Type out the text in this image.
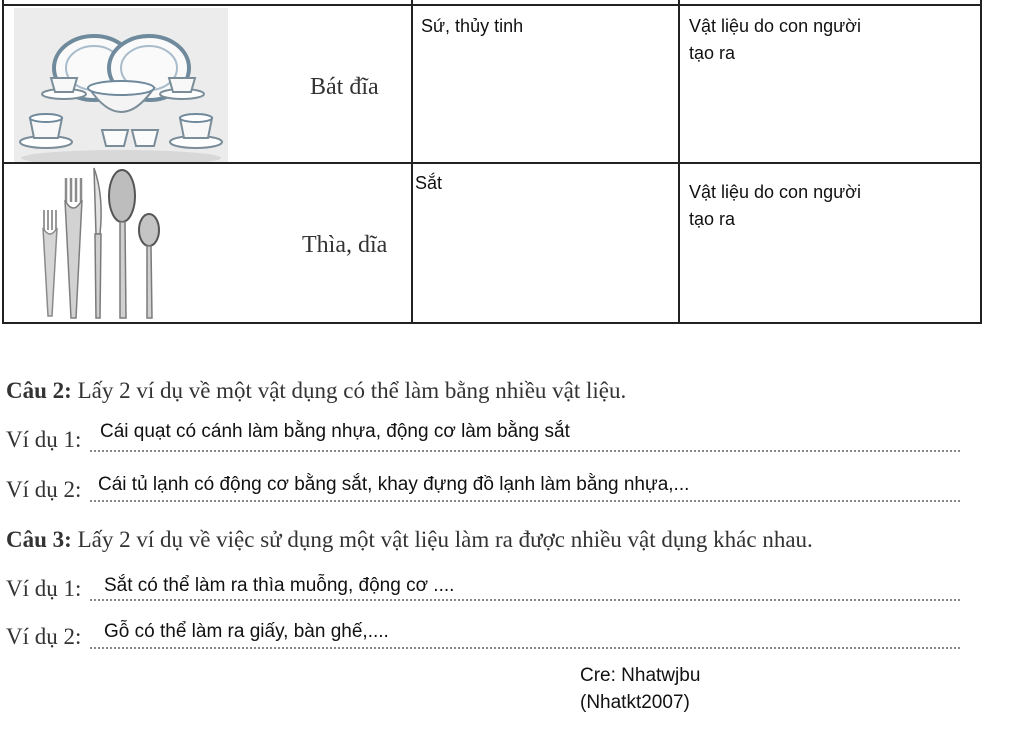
Bát đĩa
Sứ, thủy tinh	Vật liệu do con người tạo ra
Thìa, dĩa
Sắt	Vật liệu do con người tạo ra
Câu 2: Lấy 2 ví dụ về một vật dụng có thể làm bằng nhiều vật liệu.
Ví dụ 1: Cái quạt có cánh làm bằng nhựa, động cơ làm bằng sắt
Ví dụ 2: Cái tủ lạnh có động cơ bằng sắt, khay đựng đồ lạnh làm bằng nhựa,...
Câu 3: Lấy 2 ví dụ về việc sử dụng một vật liệu làm ra được nhiều vật dụng khác nhau.
Ví dụ 1: Sắt có thể làm ra thìa muỗng, động cơ ....
Ví dụ 2: Gỗ có thể làm ra giấy, bàn ghế,....
Cre: Nhatwjbu
(Nhatkt2007)
